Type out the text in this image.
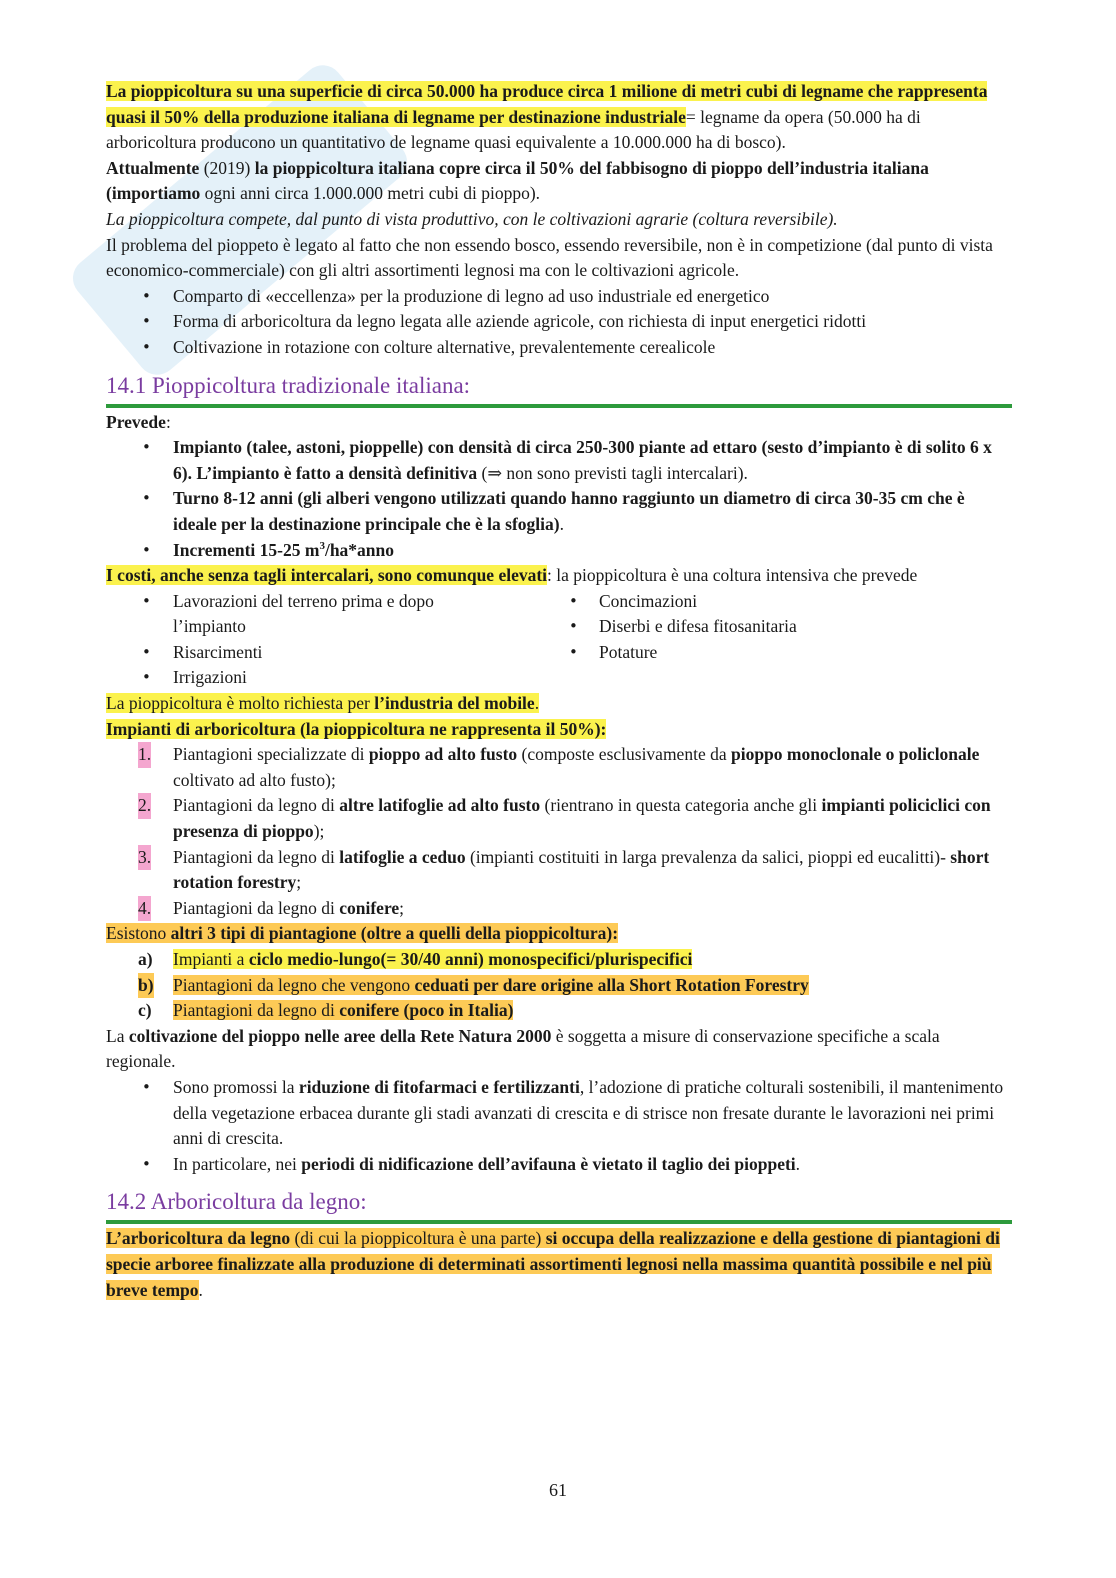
La pioppicoltura su una superficie di circa 50.000 ha produce circa 1 milione di metri cubi di legname che rappresenta quasi il 50% della produzione italiana di legname per destinazione industriale= legname da opera (50.000 ha di arboricoltura producono un quantitativo de legname quasi equivalente a 10.000.000 ha di bosco).

Attualmente (2019) la pioppicoltura italiana copre circa il 50% del fabbisogno di pioppo dell’industria italiana (importiamo ogni anni circa 1.000.000 metri cubi di pioppo).

La pioppicoltura compete, dal punto di vista produttivo, con le coltivazioni agrarie (coltura reversibile).

Il problema del pioppeto è legato al fatto che non essendo bosco, essendo reversibile, non è in competizione (dal punto di vista economico-commerciale) con gli altri assortimenti legnosi ma con le coltivazioni agricole.

• Comparto di «eccellenza» per la produzione di legno ad uso industriale ed energetico
• Forma di arboricoltura da legno legata alle aziende agricole, con richiesta di input energetici ridotti
• Coltivazione in rotazione con colture alternative, prevalentemente cerealicole
14.1 Pioppicoltura tradizionale italiana:

Prevede:

• Impianto (talee, astoni, pioppelle) con densità di circa 250-300 piante ad ettaro (sesto d’impianto è di solito 6 x 6). L’impianto è fatto a densità definitiva (⇒ non sono previsti tagli intercalari).
• Turno 8-12 anni (gli alberi vengono utilizzati quando hanno raggiunto un diametro di circa 30-35 cm che è ideale per la destinazione principale che è la sfoglia).
• Incrementi 15-25 $m^3/ha*anno$

I costi, anche senza tagli intercalari, sono comunque elevati: la pioppicoltura è una coltura intensiva che prevede

• Lavorazioni del terreno prima e dopo l’impianto
• Risarcimenti
• Irrigazioni
• Concimazioni
• Diserbi e difesa fitosanitaria
• Potature

La pioppicoltura è molto richiesta per l’industria del mobile.

Impianti di arboricoltura (la pioppicoltura ne rappresenta il 50%):

1. Piantagioni specializzate di pioppo ad alto fusto (composte esclusivamente da pioppo monoclonale o policlonale coltivato ad alto fusto);
2. Piantagioni da legno di altre latifoglie ad alto fusto (rientrano in questa categoria anche gli impianti policiclici con presenza di pioppo);
3. Piantagioni da legno di latifoglie a ceduo (impianti costituiti in larga prevalenza da salici, pioppi ed eucalitti)- short rotation forestry;
4. Piantagioni da legno di conifere;

Esistono altri 3 tipi di piantagione (oltre a quelli della pioppicoltura):

a) Impianti a ciclo medio-lungo(= 30/40 anni) monospecifici/plurispecifici
b) Piantagioni da legno che vengono ceduati per dare origine alla Short Rotation Forestry
c) Piantagioni da legno di conifere (poco in Italia)

La coltivazione del pioppo nelle aree della Rete Natura 2000 è soggetta a misure di conservazione specifiche a scala regionale.

• Sono promossi la riduzione di fitofarmaci e fertilizzanti, l’adozione di pratiche colturali sostenibili, il mantenimento della vegetazione erbacea durante gli stadi avanzati di crescita e di strisce non fresate durante le lavorazioni nei primi anni di crescita.
• In particolare, nei periodi di nidificazione dell’avifauna è vietato il taglio dei pioppeti.
14.2 Arboricoltura da legno:

L’arboricoltura da legno (di cui la pioppicoltura è una parte) si occupa della realizzazione e della gestione di piantagioni di specie arboree finalizzate alla produzione di determinati assortimenti legnosi nella massima quantità possibile e nel più breve tempo.

61
